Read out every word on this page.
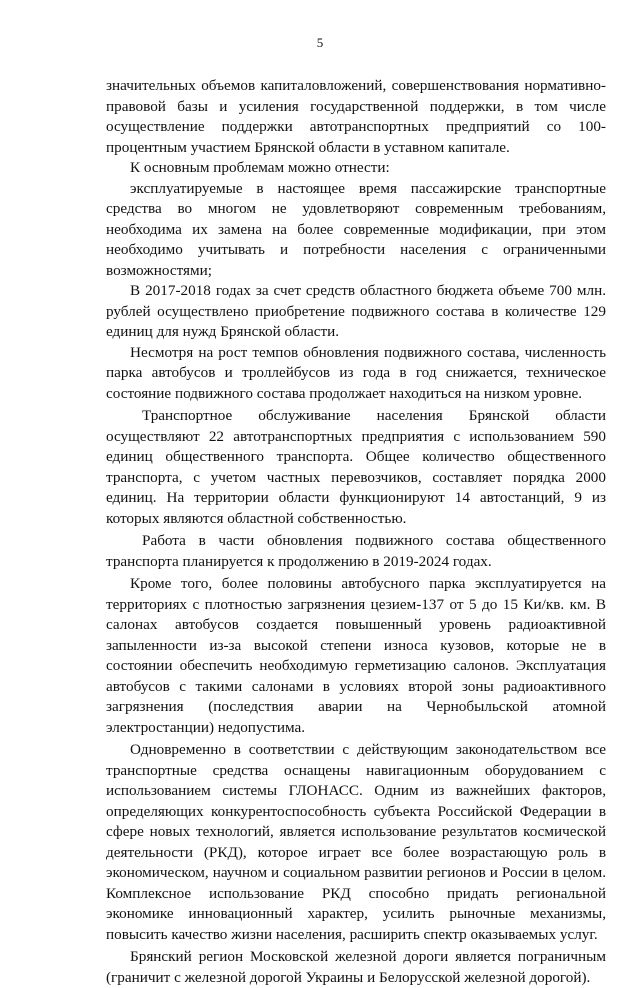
5

значительных объемов капиталовложений, совершенствования нормативно-правовой базы и усиления государственной поддержки, в том числе осуществление поддержки автотранспортных предприятий со 100-процентным участием Брянской области в уставном капитале.

К основным проблемам можно отнести:

эксплуатируемые в настоящее время пассажирские транспортные средства во многом не удовлетворяют современным требованиям, необходима их замена на более современные модификации, при этом необходимо учитывать и потребности населения с ограниченными возможностями;

В 2017-2018 годах за счет средств областного бюджета объеме 700 млн. рублей осуществлено приобретение подвижного состава в количестве 129 единиц для нужд Брянской области.

Несмотря на рост темпов обновления подвижного состава, численность парка автобусов и троллейбусов из года в год снижается, техническое состояние подвижного состава продолжает находиться на низком уровне.

Транспортное обслуживание населения Брянской области осуществляют 22 автотранспортных предприятия с использованием 590 единиц общественного транспорта. Общее количество общественного транспорта, с учетом частных перевозчиков, составляет порядка 2000 единиц. На территории области функционируют 14 автостанций, 9 из которых являются областной собственностью.

Работа в части обновления подвижного состава общественного транспорта планируется к продолжению в 2019-2024 годах.

Кроме того, более половины автобусного парка эксплуатируется на территориях с плотностью загрязнения цезием-137 от 5 до 15 Ки/кв. км. В салонах автобусов создается повышенный уровень радиоактивной запыленности из-за высокой степени износа кузовов, которые не в состоянии обеспечить необходимую герметизацию салонов. Эксплуатация автобусов с такими салонами в условиях второй зоны радиоактивного загрязнения (последствия аварии на Чернобыльской атомной электростанции) недопустима.

Одновременно в соответствии с действующим законодательством все транспортные средства оснащены навигационным оборудованием с использованием системы ГЛОНАСС. Одним из важнейших факторов, определяющих конкурентоспособность субъекта Российской Федерации в сфере новых технологий, является использование результатов космической деятельности (РКД), которое играет все более возрастающую роль в экономическом, научном и социальном развитии регионов и России в целом. Комплексное использование РКД способно придать региональной экономике инновационный характер, усилить рыночные механизмы, повысить качество жизни населения, расширить спектр оказываемых услуг.

Брянский регион Московской железной дороги является пограничным (граничит с железной дорогой Украины и Белорусской железной дорогой).
